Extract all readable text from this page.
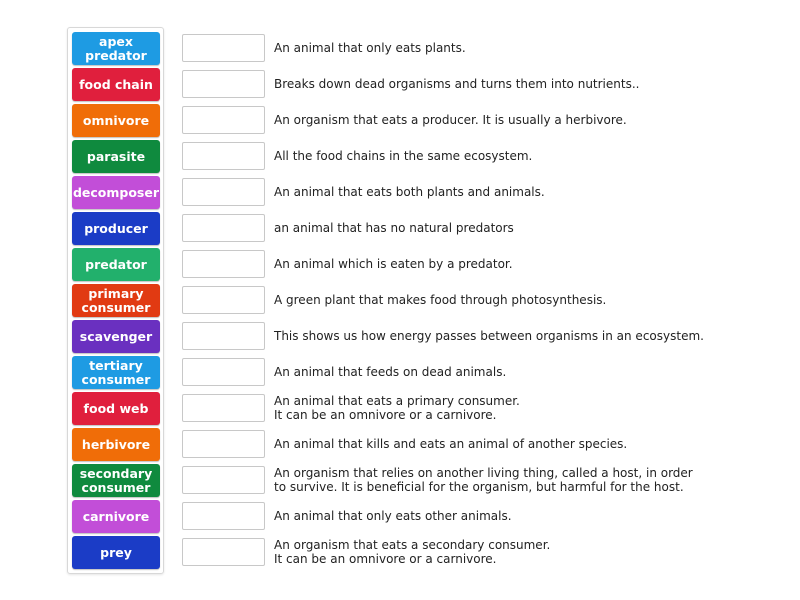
apex predator
food chain
omnivore
parasite
decomposer
producer
predator
primary consumer
scavenger
tertiary consumer
food web
herbivore
secondary consumer
carnivore
prey
An animal that only eats plants.
Breaks down dead organisms and turns them into nutrients..
An organism that eats a producer. It is usually a herbivore.
All the food chains in the same ecosystem.
An animal that eats both plants and animals.
an animal that has no natural predators
An animal which is eaten by a predator.
A green plant that makes food through photosynthesis.
This shows us how energy passes between organisms in an ecosystem.
An animal that feeds on dead animals.
An animal that eats a primary consumer.
It can be an omnivore or a carnivore.
An animal that kills and eats an animal of another species.
An organism that relies on another living thing, called a host, in order
to survive. It is beneficial for the organism, but harmful for the host.
An animal that only eats other animals.
An organism that eats a secondary consumer.
It can be an omnivore or a carnivore.
